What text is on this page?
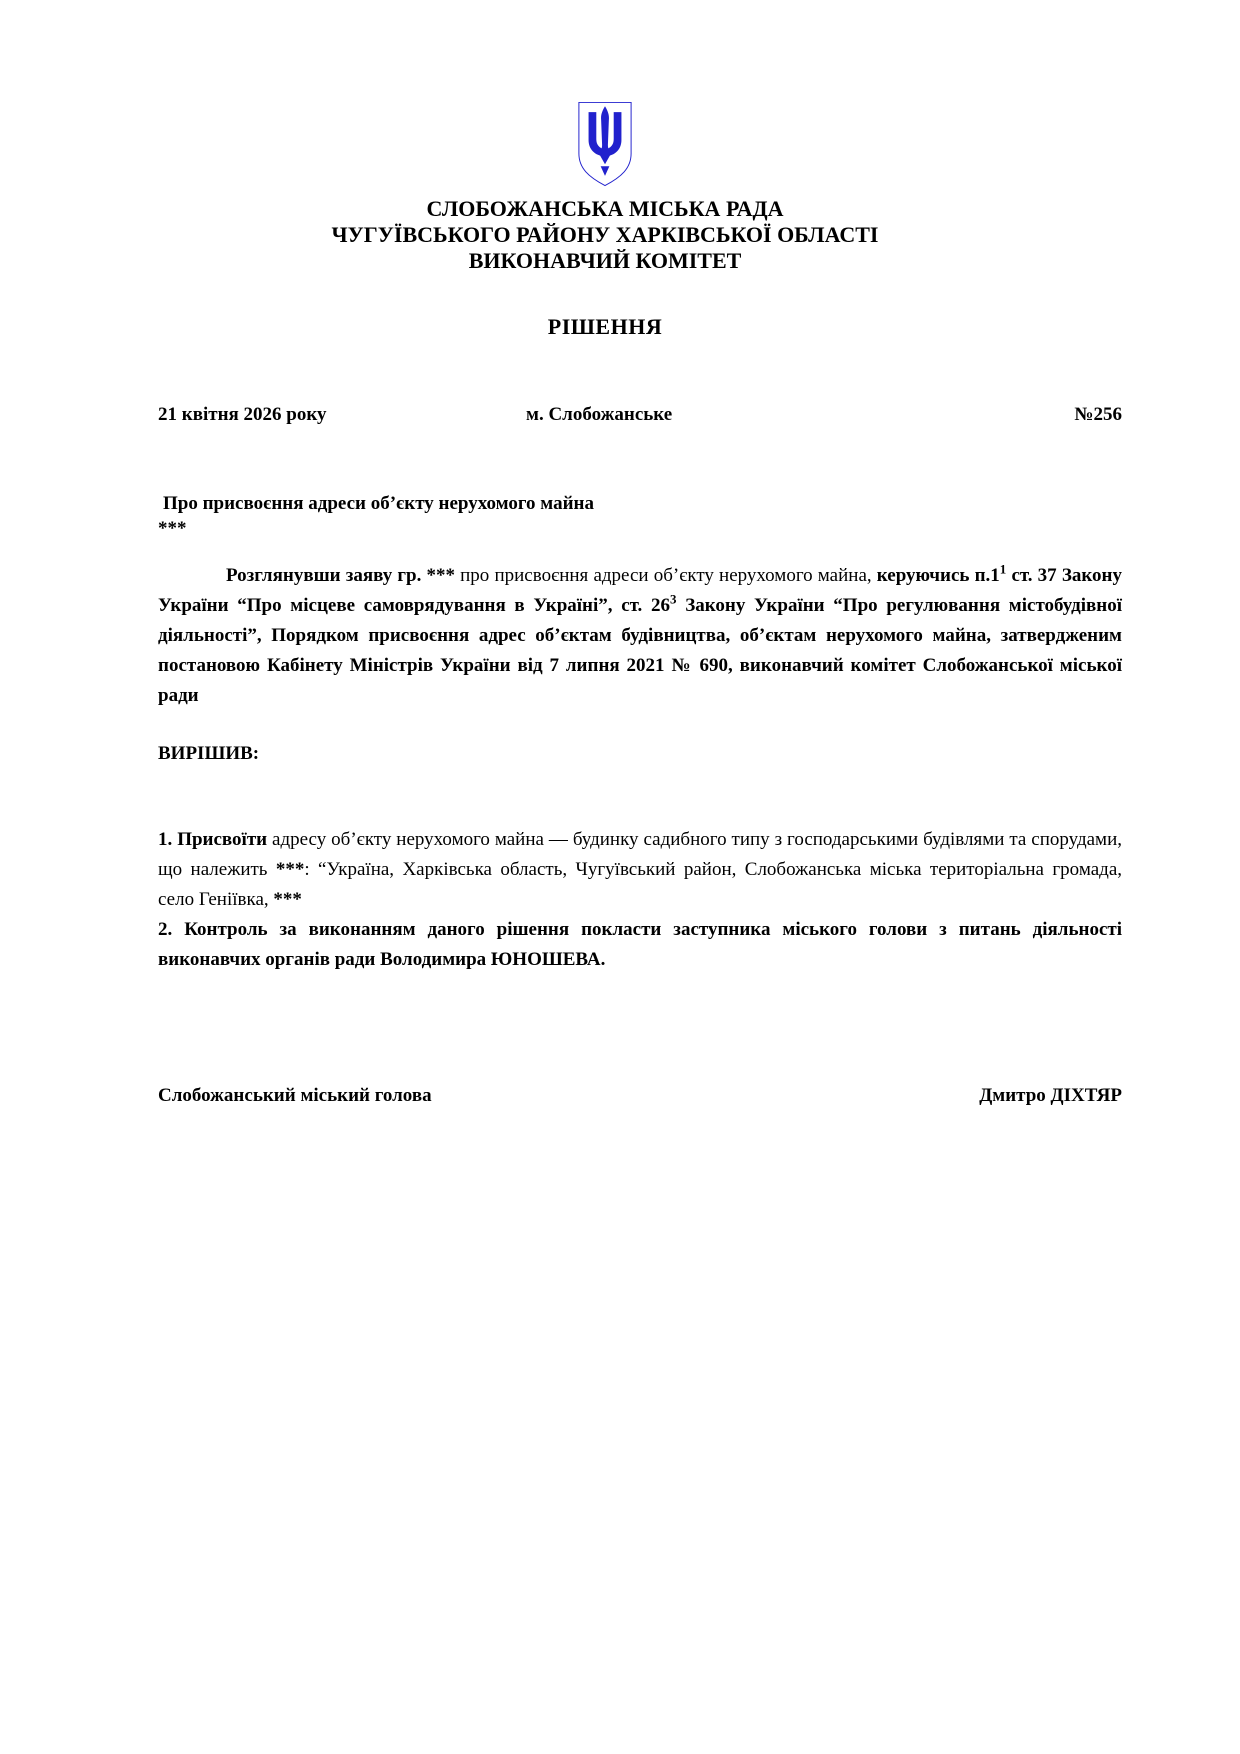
СЛОБОЖАНСЬКА МІСЬКА РАДА
ЧУГУЇВСЬКОГО РАЙОНУ ХАРКІВСЬКОЇ ОБЛАСТІ
ВИКОНАВЧИЙ КОМІТЕТ
РІШЕННЯ
21 квітня 2026 року	м. Слобожанське	№256
Про присвоєння адреси об’єкту нерухомого майна
***

Розглянувши заяву гр. *** про присвоєння адреси об’єкту нерухомого майна, керуючись п.1$^1$ ст. 37 Закону України “Про місцеве самоврядування в Україні”, ст. 26$^3$ Закону України “Про регулювання містобудівної діяльності”, Порядком присвоєння адрес об’єктам будівництва, об’єктам нерухомого майна, затвердженим постановою Кабінету Міністрів України від 7 липня 2021 № 690, виконавчий комітет Слобожанської міської ради

ВИРІШИВ:

1. Присвоїти адресу об’єкту нерухомого майна — будинку садибного типу з господарськими будівлями та спорудами, що належить ***: “Україна, Харківська область, Чугуївський район, Слобожанська міська територіальна громада, село Геніївка, ***

2. Контроль за виконанням даного рішення покласти заступника міського голови з питань діяльності виконавчих органів ради Володимира ЮНОШЕВА.

Слобожанський міський голова	Дмитро ДІХТЯР
